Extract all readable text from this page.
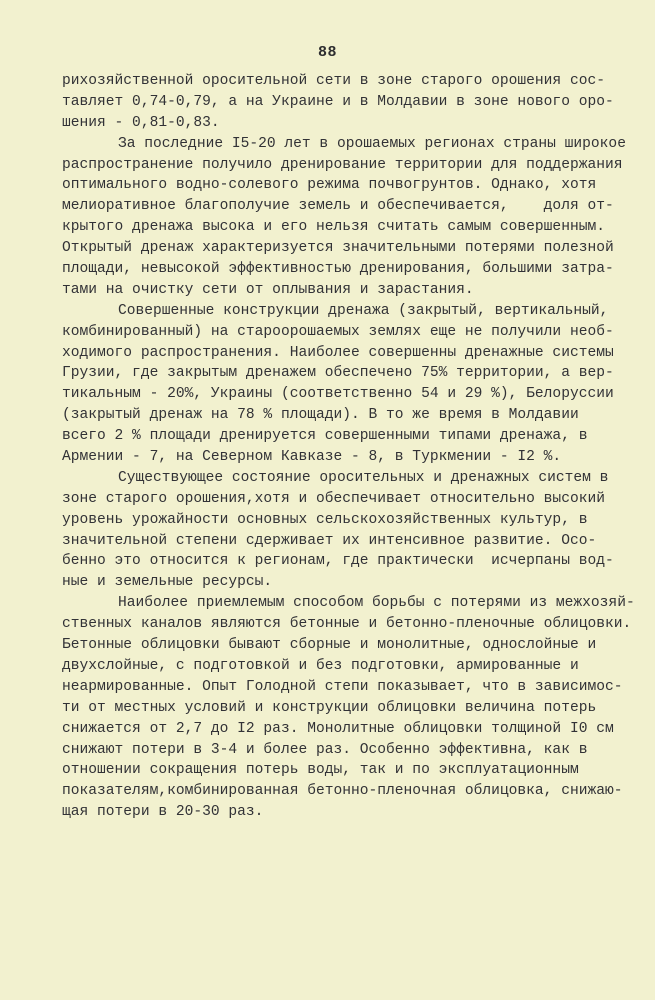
88
рихозяйственной оросительной сети в зоне старого орошения сос-
тавляет 0,74-0,79, а на Украине и в Молдавии в зоне нового оро-
шения - 0,81-0,83.
За последние I5-20 лет в орошаемых регионах страны широкое
распространение получило дренирование территории для поддержания
оптимального водно-солевого режима почвогрунтов. Однако, хотя
мелиоративное благополучие земель и обеспечивается,    доля от-
крытого дренажа высока и его нельзя считать самым совершенным.
Открытый дренаж характеризуется значительными потерями полезной
площади, невысокой эффективностью дренирования, большими затра-
тами на очистку сети от оплывания и зарастания.
Совершенные конструкции дренажа (закрытый, вертикальный,
комбинированный) на староорошаемых землях еще не получили необ-
ходимого распространения. Наиболее совершенны дренажные системы
Грузии, где закрытым дренажем обеспечено 75% территории, а вер-
тикальным - 20%, Украины (соответственно 54 и 29 %), Белоруссии
(закрытый дренаж на 78 % площади). В то же время в Молдавии
всего 2 % площади дренируется совершенными типами дренажа, в
Армении - 7, на Северном Кавказе - 8, в Туркмении - I2 %.
Существующее состояние оросительных и дренажных систем в
зоне старого орошения,хотя и обеспечивает относительно высокий
уровень урожайности основных сельскохозяйственных культур, в
значительной степени сдерживает их интенсивное развитие. Осо-
бенно это относится к регионам, где практически  исчерпаны вод-
ные и земельные ресурсы.
Наиболее приемлемым способом борьбы с потерями из межхозяй-
ственных каналов являются бетонные и бетонно-пленочные облицовки.
Бетонные облицовки бывают сборные и монолитные, однослойные и
двухслойные, с подготовкой и без подготовки, армированные и
неармированные. Опыт Голодной степи показывает, что в зависимос-
ти от местных условий и конструкции облицовки величина потерь
снижается от 2,7 до I2 раз. Монолитные облицовки толщиной I0 см
снижают потери в 3-4 и более раз. Особенно эффективна, как в
отношении сокращения потерь воды, так и по эксплуатационным
показателям,комбинированная бетонно-пленочная облицовка, снижаю-
щая потери в 20-30 раз.
